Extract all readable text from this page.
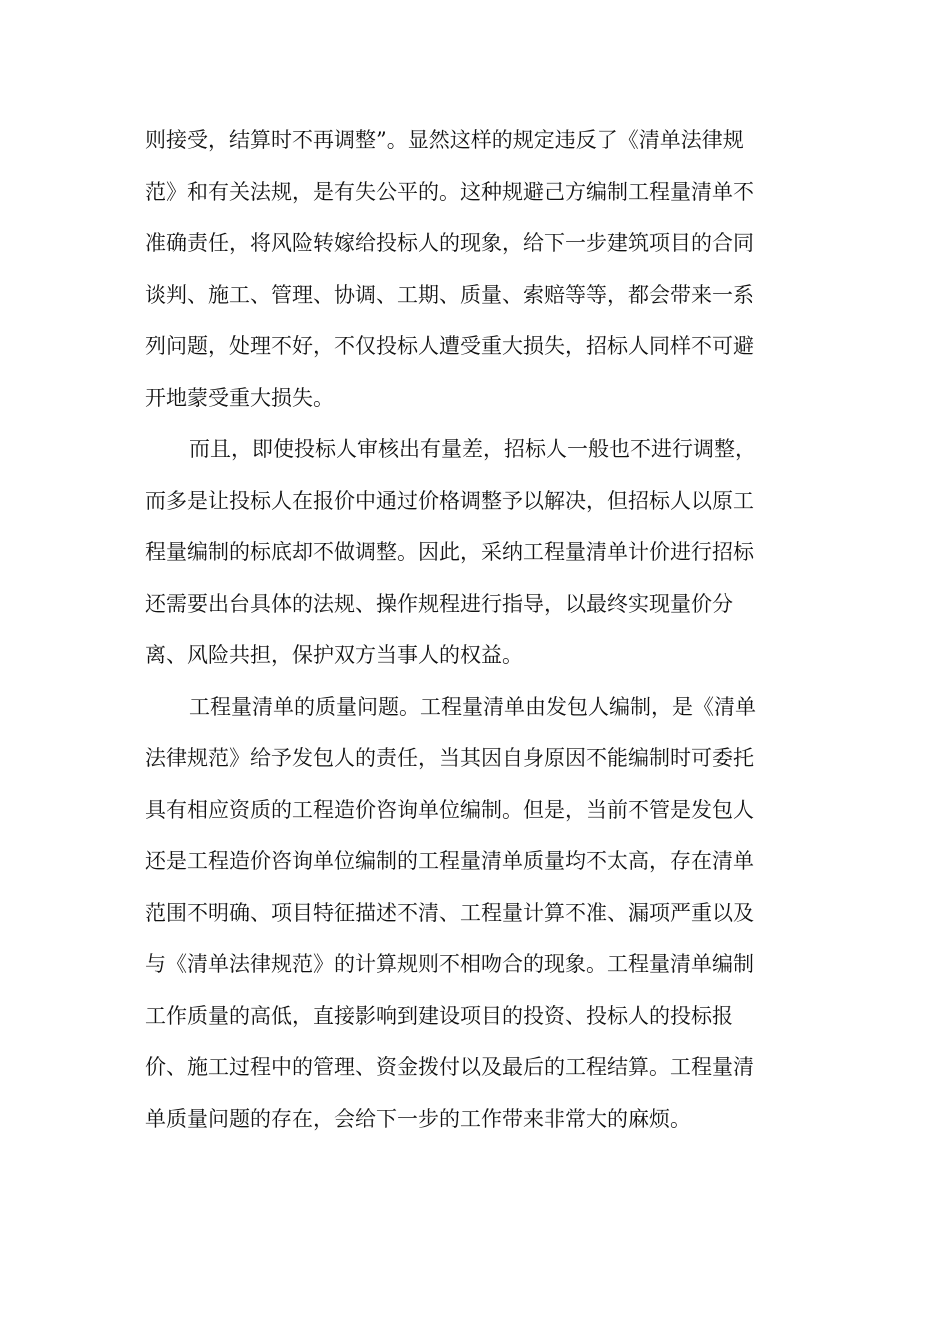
则接受，结算时不再调整”。显然这样的规定违反了《清单法律规
范》和有关法规，是有失公平的。这种规避己方编制工程量清单不
准确责任，将风险转嫁给投标人的现象，给下一步建筑项目的合同
谈判、施工、管理、协调、工期、质量、索赔等等，都会带来一系
列问题，处理不好，不仅投标人遭受重大损失，招标人同样不可避
开地蒙受重大损失。
而且，即使投标人审核出有量差，招标人一般也不进行调整，
而多是让投标人在报价中通过价格调整予以解决，但招标人以原工
程量编制的标底却不做调整。因此，采纳工程量清单计价进行招标
还需要出台具体的法规、操作规程进行指导，以最终实现量价分
离、风险共担，保护双方当事人的权益。
工程量清单的质量问题。工程量清单由发包人编制，是《清单
法律规范》给予发包人的责任，当其因自身原因不能编制时可委托
具有相应资质的工程造价咨询单位编制。但是，当前不管是发包人
还是工程造价咨询单位编制的工程量清单质量均不太高，存在清单
范围不明确、项目特征描述不清、工程量计算不准、漏项严重以及
与《清单法律规范》的计算规则不相吻合的现象。工程量清单编制
工作质量的高低，直接影响到建设项目的投资、投标人的投标报
价、施工过程中的管理、资金拨付以及最后的工程结算。工程量清
单质量问题的存在，会给下一步的工作带来非常大的麻烦。
